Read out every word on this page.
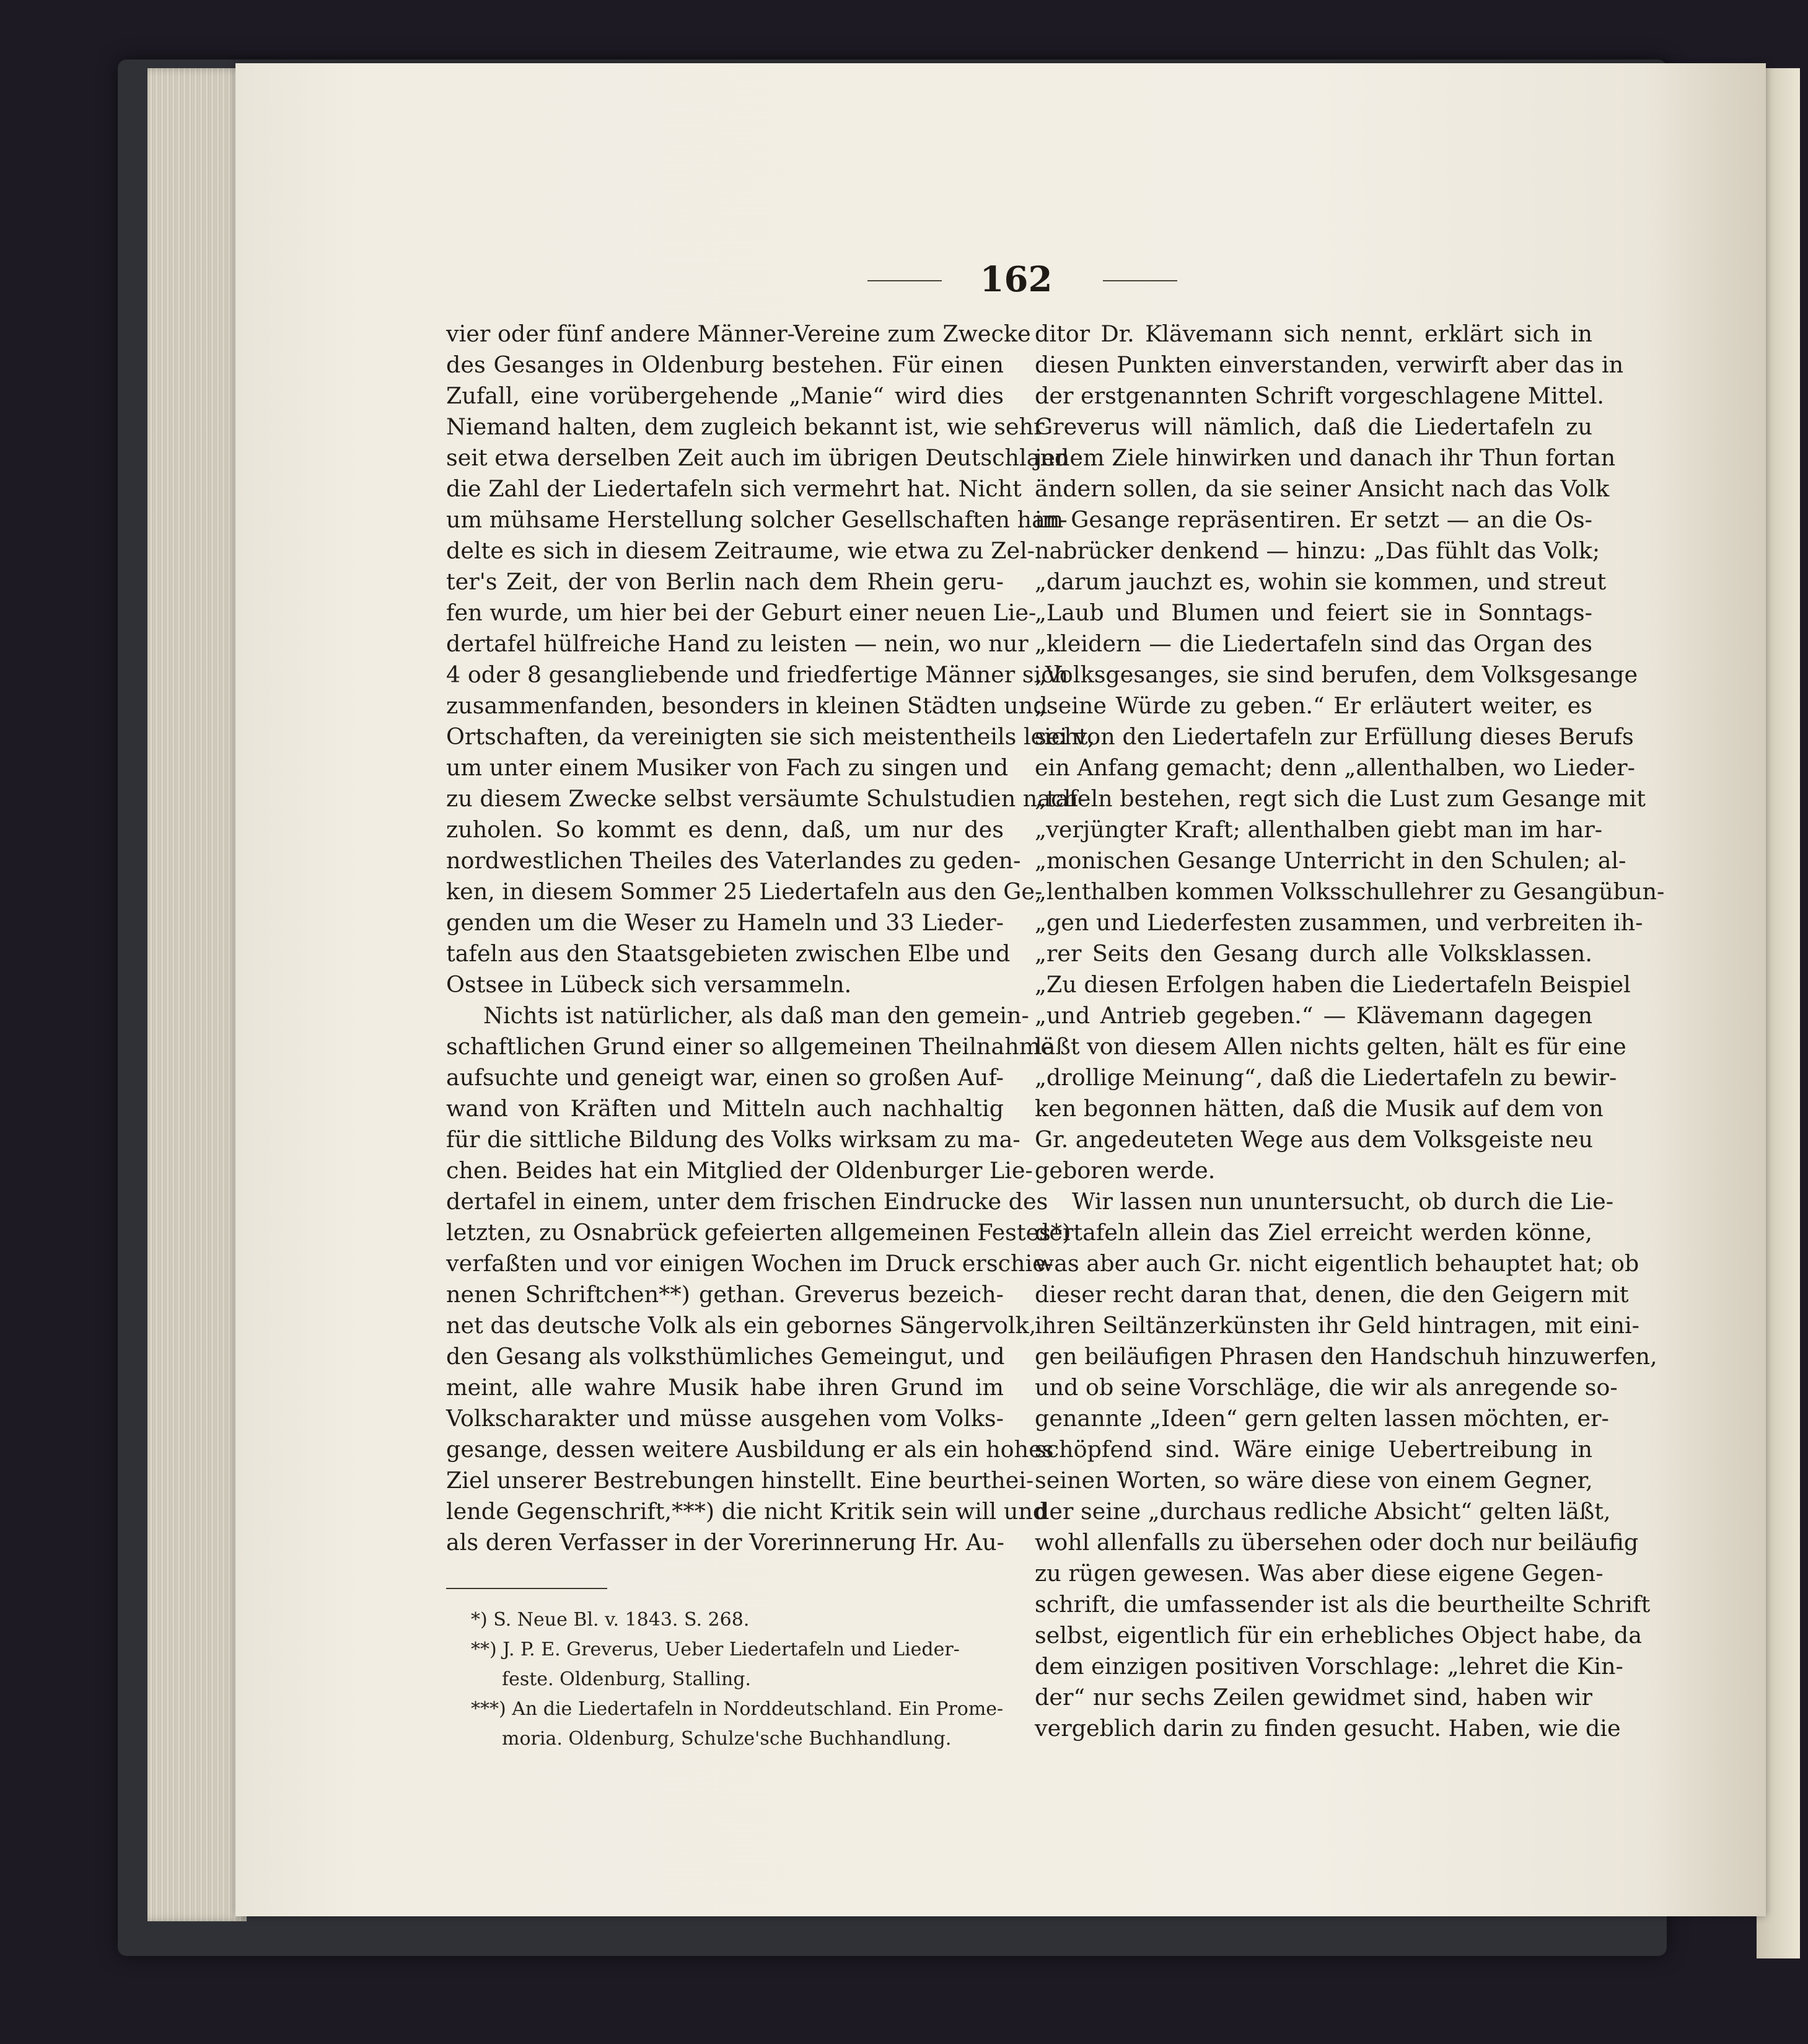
162
vier oder fünf andere Männer-Vereine zum Zwecke
des Gesanges in Oldenburg bestehen. Für einen
Zufall, eine vorübergehende „Manie“ wird dies
Niemand halten, dem zugleich bekannt ist, wie sehr
seit etwa derselben Zeit auch im übrigen Deutschland
die Zahl der Liedertafeln sich vermehrt hat. Nicht
um mühsame Herstellung solcher Gesellschaften han-
delte es sich in diesem Zeitraume, wie etwa zu Zel-
ter's Zeit, der von Berlin nach dem Rhein geru-
fen wurde, um hier bei der Geburt einer neuen Lie-
dertafel hülfreiche Hand zu leisten — nein, wo nur
4 oder 8 gesangliebende und friedfertige Männer sich
zusammenfanden, besonders in kleinen Städten und
Ortschaften, da vereinigten sie sich meistentheils leicht,
um unter einem Musiker von Fach zu singen und
zu diesem Zwecke selbst versäumte Schulstudien nach-
zuholen. So kommt es denn, daß, um nur des
nordwestlichen Theiles des Vaterlandes zu geden-
ken, in diesem Sommer 25 Liedertafeln aus den Ge-
genden um die Weser zu Hameln und 33 Lieder-
tafeln aus den Staatsgebieten zwischen Elbe und
Ostsee in Lübeck sich versammeln.
Nichts ist natürlicher, als daß man den gemein-
schaftlichen Grund einer so allgemeinen Theilnahme
aufsuchte und geneigt war, einen so großen Auf-
wand von Kräften und Mitteln auch nachhaltig
für die sittliche Bildung des Volks wirksam zu ma-
chen. Beides hat ein Mitglied der Oldenburger Lie-
dertafel in einem, unter dem frischen Eindrucke des
letzten, zu Osnabrück gefeierten allgemeinen Festes*)
verfaßten und vor einigen Wochen im Druck erschie-
nenen Schriftchen**) gethan. Greverus bezeich-
net das deutsche Volk als ein gebornes Sängervolk,
den Gesang als volksthümliches Gemeingut, und
meint, alle wahre Musik habe ihren Grund im
Volkscharakter und müsse ausgehen vom Volks-
gesange, dessen weitere Ausbildung er als ein hohes
Ziel unserer Bestrebungen hinstellt. Eine beurthei-
lende Gegenschrift,***) die nicht Kritik sein will und
als deren Verfasser in der Vorerinnerung Hr. Au-
ditor Dr. Klävemann sich nennt, erklärt sich in
diesen Punkten einverstanden, verwirft aber das in
der erstgenannten Schrift vorgeschlagene Mittel.
Greverus will nämlich, daß die Liedertafeln zu
jenem Ziele hinwirken und danach ihr Thun fortan
ändern sollen, da sie seiner Ansicht nach das Volk
im Gesange repräsentiren. Er setzt — an die Os-
nabrücker denkend — hinzu: „Das fühlt das Volk;
„darum jauchzt es, wohin sie kommen, und streut
„Laub und Blumen und feiert sie in Sonntags-
„kleidern — die Liedertafeln sind das Organ des
„Volksgesanges, sie sind berufen, dem Volksgesange
„seine Würde zu geben.“ Er erläutert weiter, es
sei von den Liedertafeln zur Erfüllung dieses Berufs
ein Anfang gemacht; denn „allenthalben, wo Lieder-
„tafeln bestehen, regt sich die Lust zum Gesange mit
„verjüngter Kraft; allenthalben giebt man im har-
„monischen Gesange Unterricht in den Schulen; al-
„lenthalben kommen Volksschullehrer zu Gesangübun-
„gen und Liederfesten zusammen, und verbreiten ih-
„rer Seits den Gesang durch alle Volksklassen.
„Zu diesen Erfolgen haben die Liedertafeln Beispiel
„und Antrieb gegeben.“ — Klävemann dagegen
läßt von diesem Allen nichts gelten, hält es für eine
„drollige Meinung“, daß die Liedertafeln zu bewir-
ken begonnen hätten, daß die Musik auf dem von
Gr. angedeuteten Wege aus dem Volksgeiste neu
geboren werde.
Wir lassen nun ununtersucht, ob durch die Lie-
dertafeln allein das Ziel erreicht werden könne,
was aber auch Gr. nicht eigentlich behauptet hat; ob
dieser recht daran that, denen, die den Geigern mit
ihren Seiltänzerkünsten ihr Geld hintragen, mit eini-
gen beiläufigen Phrasen den Handschuh hinzuwerfen,
und ob seine Vorschläge, die wir als anregende so-
genannte „Ideen“ gern gelten lassen möchten, er-
schöpfend sind. Wäre einige Uebertreibung in
seinen Worten, so wäre diese von einem Gegner,
der seine „durchaus redliche Absicht“ gelten läßt,
wohl allenfalls zu übersehen oder doch nur beiläufig
zu rügen gewesen. Was aber diese eigene Gegen-
schrift, die umfassender ist als die beurtheilte Schrift
selbst, eigentlich für ein erhebliches Object habe, da
dem einzigen positiven Vorschlage: „lehret die Kin-
der“ nur sechs Zeilen gewidmet sind, haben wir
vergeblich darin zu finden gesucht. Haben, wie die
*) S. Neue Bl. v. 1843. S. 268.
**) J. P. E. Greverus, Ueber Liedertafeln und Lieder-
feste. Oldenburg, Stalling.
***) An die Liedertafeln in Norddeutschland. Ein Prome-
moria. Oldenburg, Schulze'sche Buchhandlung.
